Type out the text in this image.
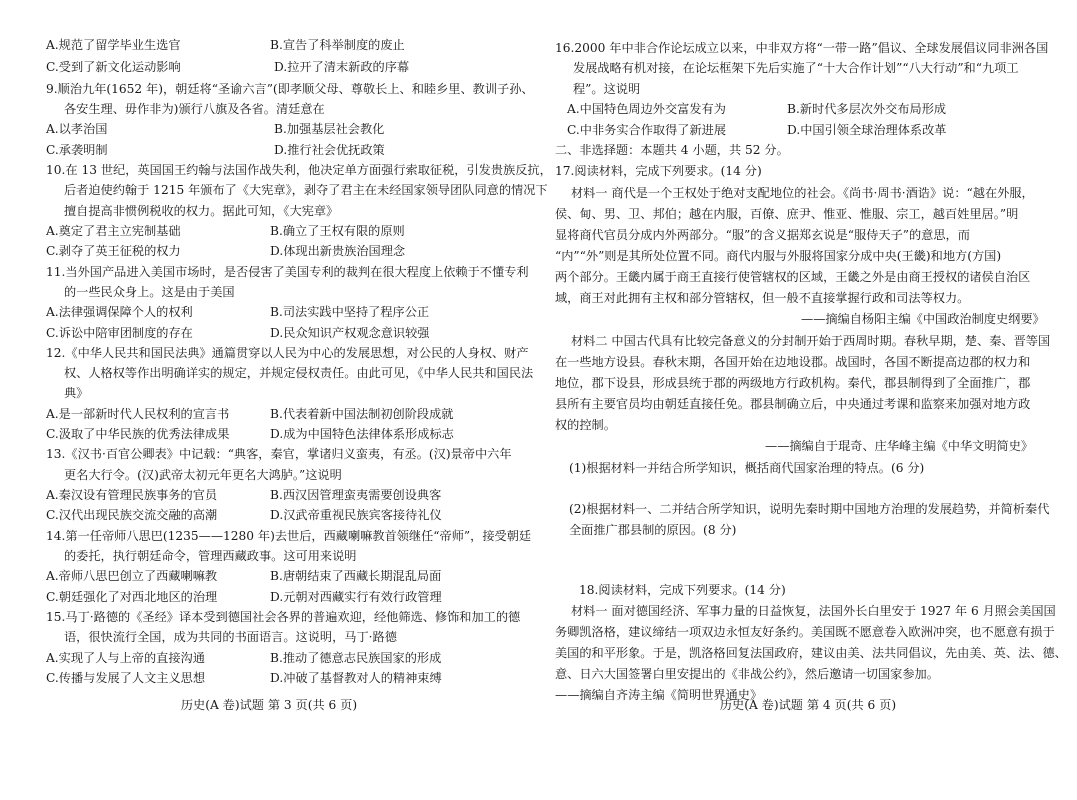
A.规范了留学毕业生选官	B.宣告了科举制度的废止
C.受到了新文化运动影响	D.拉开了清末新政的序幕
9.顺治九年(1652 年)，朝廷将“圣谕六言”(即孝顺父母、尊敬长上、和睦乡里、教训子孙、
各安生理、毋作非为)颁行八旗及各省。清廷意在
A.以孝治国	B.加强基层社会教化
C.承袭明制	D.推行社会优抚政策
10.在 13 世纪，英国国王约翰与法国作战失利，他决定单方面强行索取征税，引发贵族反抗，
后者迫使约翰于 1215 年颁布了《大宪章》，剥夺了君主在未经国家领导团队同意的情况下
擅自提高非惯例税收的权力。据此可知，《大宪章》
A.奠定了君主立宪制基础	B.确立了王权有限的原则
C.剥夺了英王征税的权力	D.体现出新贵族治国理念
11.当外国产品进入美国市场时，是否侵害了美国专利的裁判在很大程度上依赖于不懂专利
的一些民众身上。这是由于美国
A.法律强调保障个人的权利	B.司法实践中坚持了程序公正
C.诉讼中陪审团制度的存在	D.民众知识产权观念意识较强
12.《中华人民共和国民法典》通篇贯穿以人民为中心的发展思想，对公民的人身权、财产
权、人格权等作出明确详实的规定，并规定侵权责任。由此可见，《中华人民共和国民法
典》
A.是一部新时代人民权利的宣言书	B.代表着新中国法制初创阶段成就
C.汲取了中华民族的优秀法律成果	D.成为中国特色法律体系形成标志
13.《汉书·百官公卿表》中记载：“典客，秦官，掌诸归义蛮夷，有丞。(汉)景帝中六年
更名大行令。(汉)武帝太初元年更名大鸿胪。”这说明
A.秦汉设有管理民族事务的官员	B.西汉因管理蛮夷需要创设典客
C.汉代出现民族交流交融的高潮	D.汉武帝重视民族宾客接待礼仪
14.第一任帝师八思巴(1235——1280 年)去世后，西藏喇嘛教首领继任“帝师”，接受朝廷
的委托，执行朝廷命令，管理西藏政事。这可用来说明
A.帝师八思巴创立了西藏喇嘛教	B.唐朝结束了西藏长期混乱局面
C.朝廷强化了对西北地区的治理	D.元朝对西藏实行有效行政管理
15.马丁·路德的《圣经》译本受到德国社会各界的普遍欢迎，经他筛选、修饰和加工的德
语，很快流行全国，成为共同的书面语言。这说明，马丁·路德
A.实现了人与上帝的直接沟通	B.推动了德意志民族国家的形成
C.传播与发展了人文主义思想	D.冲破了基督教对人的精神束缚
历史(A 卷)试题 第 3 页(共 6 页)
16.2000 年中非合作论坛成立以来，中非双方将“一带一路”倡议、全球发展倡议同非洲各国
发展战略有机对接，在论坛框架下先后实施了“十大合作计划”“八大行动”和“九项工
程”。这说明
A.中国特色周边外交富发有为	B.新时代多层次外交布局形成
C.中非务实合作取得了新进展	D.中国引领全球治理体系改革
二、非选择题：本题共 4 小题，共 52 分。
17.阅读材料，完成下列要求。(14 分)
材料一 商代是一个王权处于绝对支配地位的社会。《尚书·周书·酒诰》说：“越在外服，
侯、甸、男、卫、邦伯；越在内服，百僚、庶尹、惟亚、惟服、宗工，越百姓里居。”明
显将商代官员分成内外两部分。“服”的含义据郑玄说是“服侍天子”的意思，而
“内”“外”则是其所处位置不同。商代内服与外服将国家分成中央(王畿)和地方(方国)
两个部分。王畿内属于商王直接行使管辖权的区域，王畿之外是由商王授权的诸侯自治区
域，商王对此拥有主权和部分管辖权，但一般不直接掌握行政和司法等权力。
——摘编自杨阳主编《中国政治制度史纲要》
材料二 中国古代具有比较完备意义的分封制开始于西周时期。春秋早期，楚、秦、晋等国
在一些地方设县。春秋末期，各国开始在边地设郡。战国时，各国不断提高边郡的权力和
地位，郡下设县，形成县统于郡的两级地方行政机构。秦代，郡县制得到了全面推广，郡
县所有主要官员均由朝廷直接任免。郡县制确立后，中央通过考课和监察来加强对地方政
权的控制。
——摘编自于琨奇、庄华峰主编《中华文明简史》
(1)根据材料一并结合所学知识，概括商代国家治理的特点。(6 分)
(2)根据材料一、二并结合所学知识，说明先秦时期中国地方治理的发展趋势，并简析秦代
全面推广郡县制的原因。(8 分)
18.阅读材料，完成下列要求。(14 分)
材料一 面对德国经济、军事力量的日益恢复，法国外长白里安于 1927 年 6 月照会美国国
务卿凯洛格，建议缔结一项双边永恒友好条约。美国既不愿意卷入欧洲冲突，也不愿意有损于
美国的和平形象。于是，凯洛格回复法国政府，建议由美、法共同倡议，先由美、英、法、德、
意、日六大国签署白里安提出的《非战公约》，然后邀请一切国家参加。
——摘编自齐涛主编《简明世界通史》
历史(A 卷)试题 第 4 页(共 6 页)
